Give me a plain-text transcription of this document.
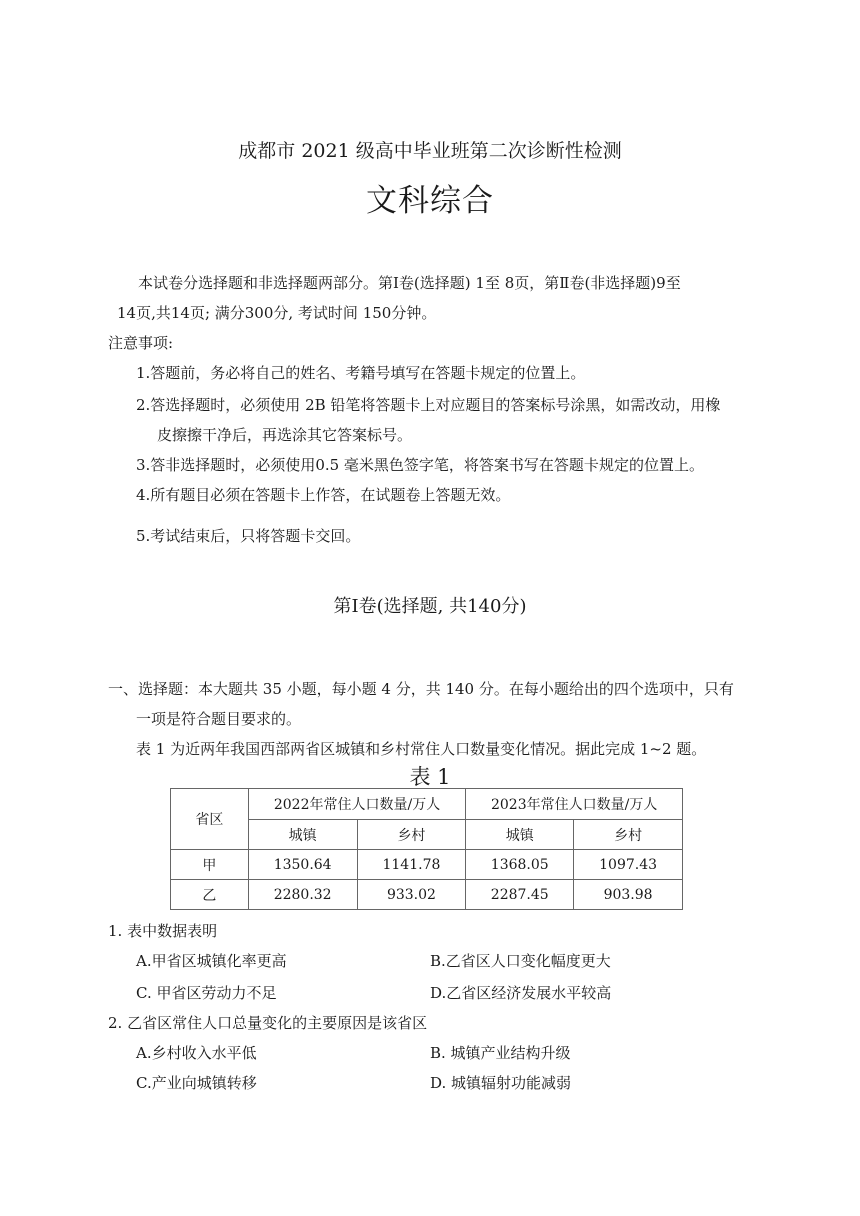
成都市 2021 级高中毕业班第二次诊断性检测
文科综合
本试卷分选择题和非选择题两部分。第Ⅰ卷(选择题) 1至 8页，第Ⅱ卷(非选择题)9至
14页,共14页; 满分300分, 考试时间 150分钟。
注意事项:
1.答题前，务必将自己的姓名、考籍号填写在答题卡规定的位置上。
2.答选择题时，必须使用 2B 铅笔将答题卡上对应题目的答案标号涂黑，如需改动，用橡
皮擦擦干净后，再选涂其它答案标号。
3.答非选择题时，必须使用0.5 毫米黑色签字笔，将答案书写在答题卡规定的位置上。
4.所有题目必须在答题卡上作答，在试题卷上答题无效。
5.考试结束后，只将答题卡交回。
第Ⅰ卷(选择题, 共140分)
一、选择题：本大题共 35 小题，每小题 4 分，共 140 分。在每小题给出的四个选项中，只有
一项是符合题目要求的。
表 1 为近两年我国西部两省区城镇和乡村常住人口数量变化情况。据此完成 1~2 题。
表 1
省区	2022年常住人口数量/万人		2023年常住人口数量/万人	
	城镇	乡村	城镇	乡村
甲	1350.64	1141.78	1368.05	1097.43
乙	2280.32	933.02	2287.45	903.98
1. 表中数据表明
A.甲省区城镇化率更高	B.乙省区人口变化幅度更大
C. 甲省区劳动力不足	D.乙省区经济发展水平较高
2. 乙省区常住人口总量变化的主要原因是该省区
A.乡村收入水平低	B. 城镇产业结构升级
C.产业向城镇转移	D. 城镇辐射功能减弱
